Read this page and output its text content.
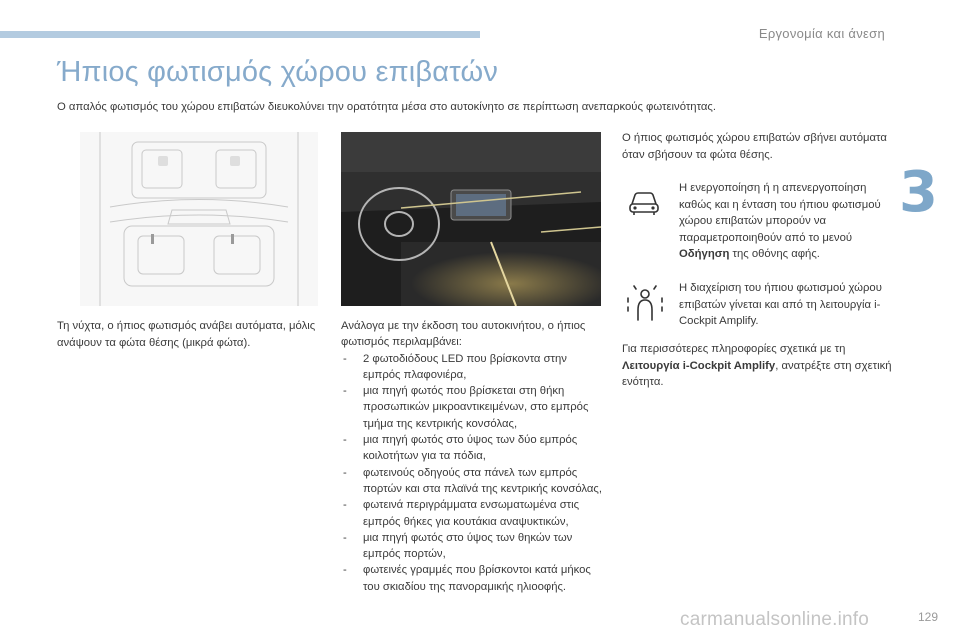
Εργονομία και άνεση
3
Ήπιος φωτισμός χώρου επιβατών

Ο απαλός φωτισμός του χώρου επιβατών διευκολύνει την ορατότητα μέσα στο αυτοκίνητο σε περίπτωση ανεπαρκούς φωτεινότητας.

Τη νύχτα, ο ήπιος φωτισμός ανάβει αυτόματα, μόλις ανάψουν τα φώτα θέσης (μικρά φώτα).

Ανάλογα με την έκδοση του αυτοκινήτου, ο ήπιος φωτισμός περιλαμβάνει:

- 2 φωτοδιόδους LED που βρίσκοντα στην εμπρός πλαφονιέρα,
- μια πηγή φωτός που βρίσκεται στη θήκη προσωπικών μικροαντικειμένων, στο εμπρός τμήμα της κεντρικής κονσόλας,
- μια πηγή φωτός στο ύψος των δύο εμπρός κοιλοτήτων για τα πόδια,
- φωτεινούς οδηγούς στα πάνελ των εμπρός πορτών και στα πλαϊνά της κεντρικής κονσόλας,
- φωτεινά περιγράμματα ενσωματωμένα στις εμπρός θήκες για κουτάκια αναψυκτικών,
- μια πηγή φωτός στο ύψος των θηκών των εμπρός πορτών,
- φωτεινές γραμμές που βρίσκοντοι κατά μήκος του σκιαδίου της πανοραμικής ηλιοοφής.

Ο ήπιος φωτισμός χώρου επιβατών σβήνει αυτόματα όταν σβήσουν τα φώτα θέσης.

Η ενεργοποίηση ή η απενεργοποίηση καθώς και η ένταση του ήπιου φωτισμού χώρου επιβατών μπορούν να παραμετροποιηθούν από το μενού Οδήγηση της οθόνης αφής.

Η διαχείριση του ήπιου φωτισμού χώρου επιβατών γίνεται και από τη λειτουργία i-Cockpit Amplify.

Για περισσότερες πληροφορίες σχετικά με τη Λειτουργία i-Cockpit Amplify, ανατρέξτε στη σχετική ενότητα.

carmanualsonline.info	129
